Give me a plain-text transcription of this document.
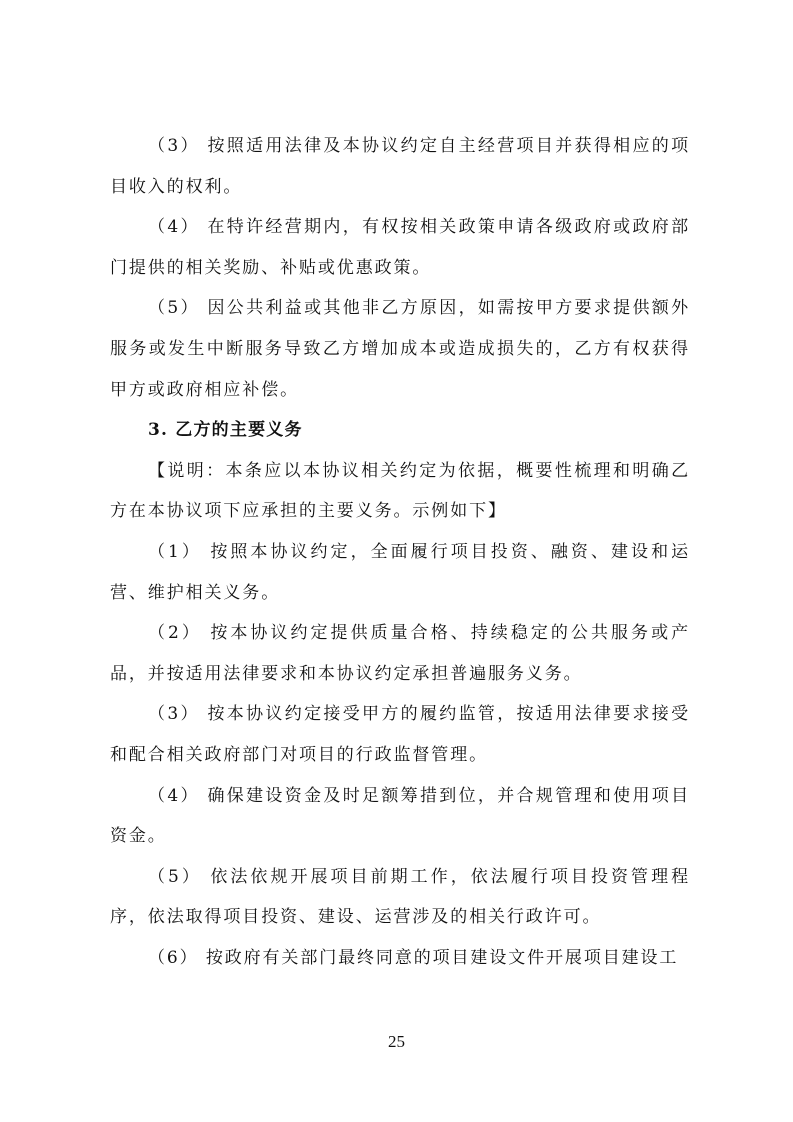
（3） 按照适用法律及本协议约定自主经营项目并获得相应的项目收入的权利。

（4） 在特许经营期内，有权按相关政策申请各级政府或政府部门提供的相关奖励、补贴或优惠政策。

（5） 因公共利益或其他非乙方原因，如需按甲方要求提供额外服务或发生中断服务导致乙方增加成本或造成损失的，乙方有权获得甲方或政府相应补偿。

3. 乙方的主要义务

【说明：本条应以本协议相关约定为依据，概要性梳理和明确乙方在本协议项下应承担的主要义务。示例如下】

（1） 按照本协议约定，全面履行项目投资、融资、建设和运营、维护相关义务。

（2） 按本协议约定提供质量合格、持续稳定的公共服务或产品，并按适用法律要求和本协议约定承担普遍服务义务。

（3） 按本协议约定接受甲方的履约监管，按适用法律要求接受和配合相关政府部门对项目的行政监督管理。

（4） 确保建设资金及时足额筹措到位，并合规管理和使用项目资金。

（5） 依法依规开展项目前期工作，依法履行项目投资管理程序，依法取得项目投资、建设、运营涉及的相关行政许可。

（6） 按政府有关部门最终同意的项目建设文件开展项目建设工

25
